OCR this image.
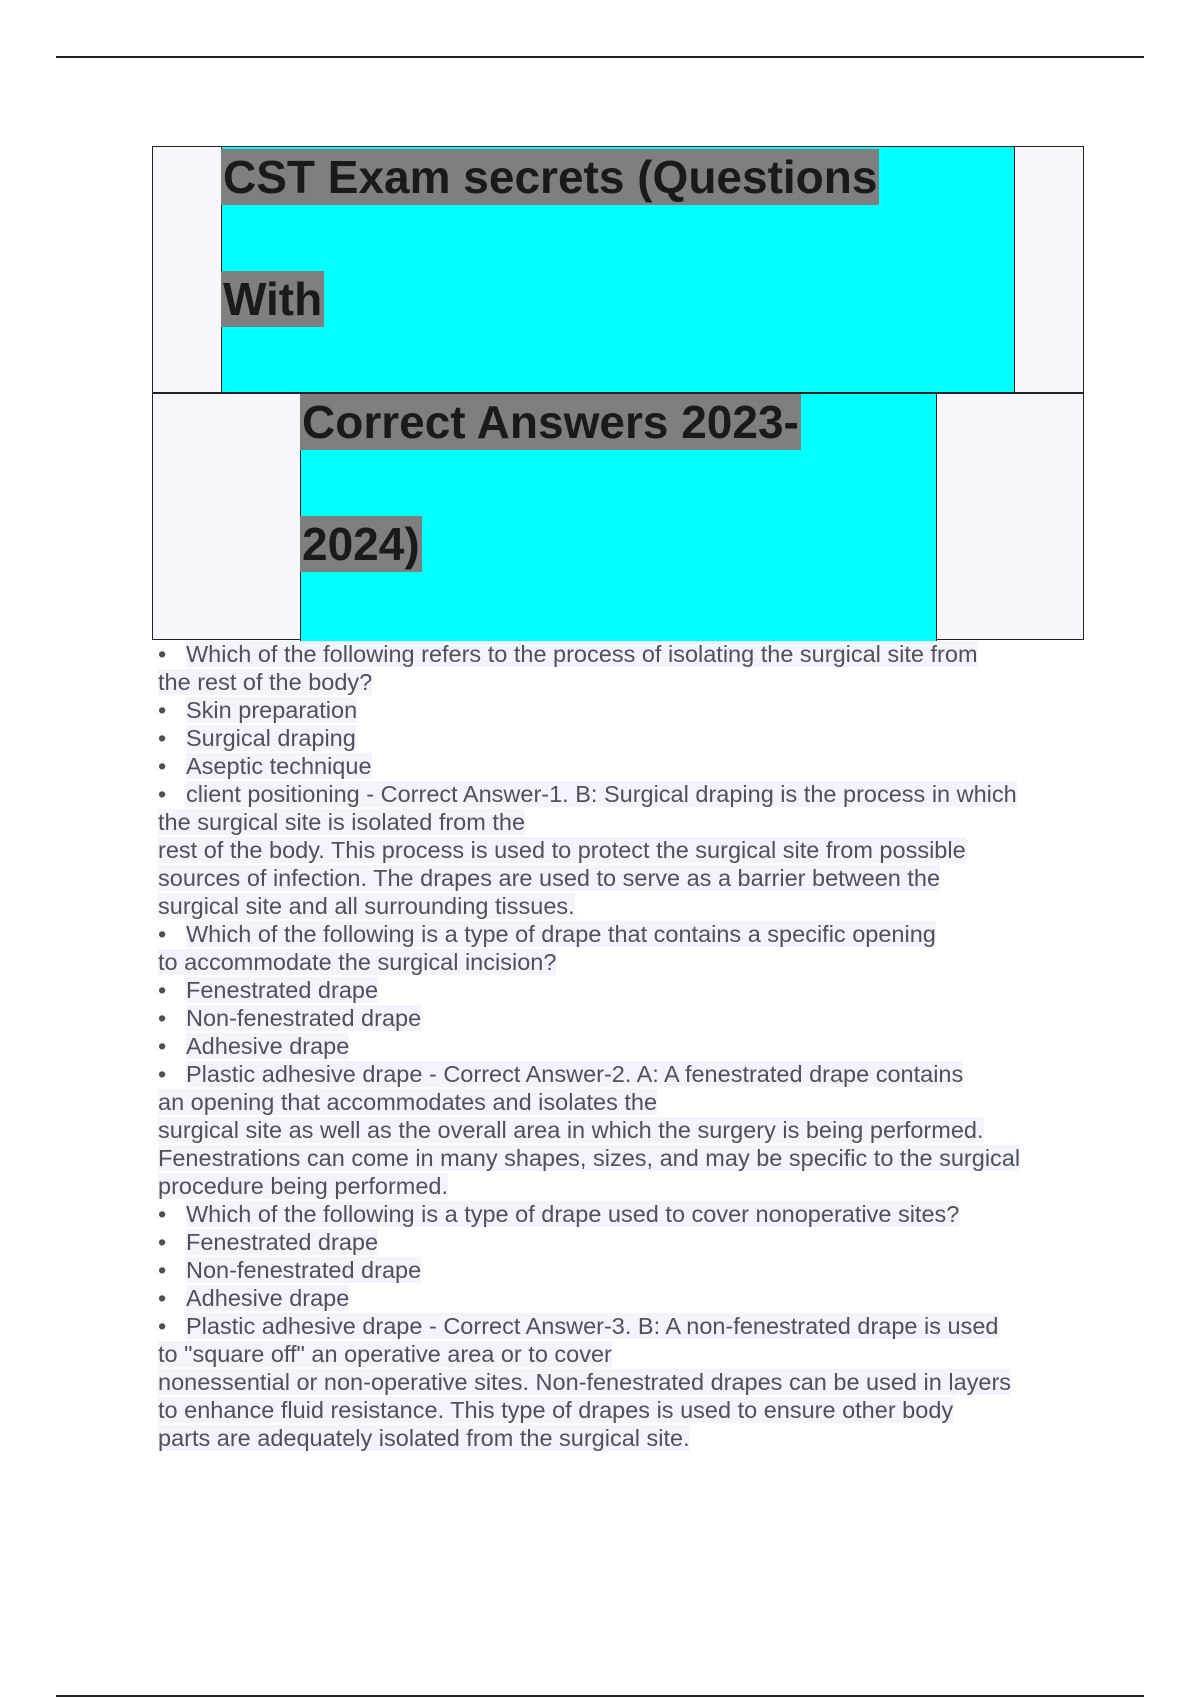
CST Exam secrets (Questions
With
Correct Answers 2023-
2024)
• Which of the following refers to the process of isolating the surgical site from
the rest of the body?
• Skin preparation
• Surgical draping
• Aseptic technique
• client positioning - Correct Answer-1. B: Surgical draping is the process in which
the surgical site is isolated from the
rest of the body. This process is used to protect the surgical site from possible
sources of infection. The drapes are used to serve as a barrier between the
surgical site and all surrounding tissues.
• Which of the following is a type of drape that contains a specific opening
to accommodate the surgical incision?
• Fenestrated drape
• Non-fenestrated drape
• Adhesive drape
• Plastic adhesive drape - Correct Answer-2. A: A fenestrated drape contains
an opening that accommodates and isolates the
surgical site as well as the overall area in which the surgery is being performed.
Fenestrations can come in many shapes, sizes, and may be specific to the surgical
procedure being performed.
• Which of the following is a type of drape used to cover nonoperative sites?
• Fenestrated drape
• Non-fenestrated drape
• Adhesive drape
• Plastic adhesive drape - Correct Answer-3. B: A non-fenestrated drape is used
to "square off" an operative area or to cover
nonessential or non-operative sites. Non-fenestrated drapes can be used in layers
to enhance fluid resistance. This type of drapes is used to ensure other body
parts are adequately isolated from the surgical site.
